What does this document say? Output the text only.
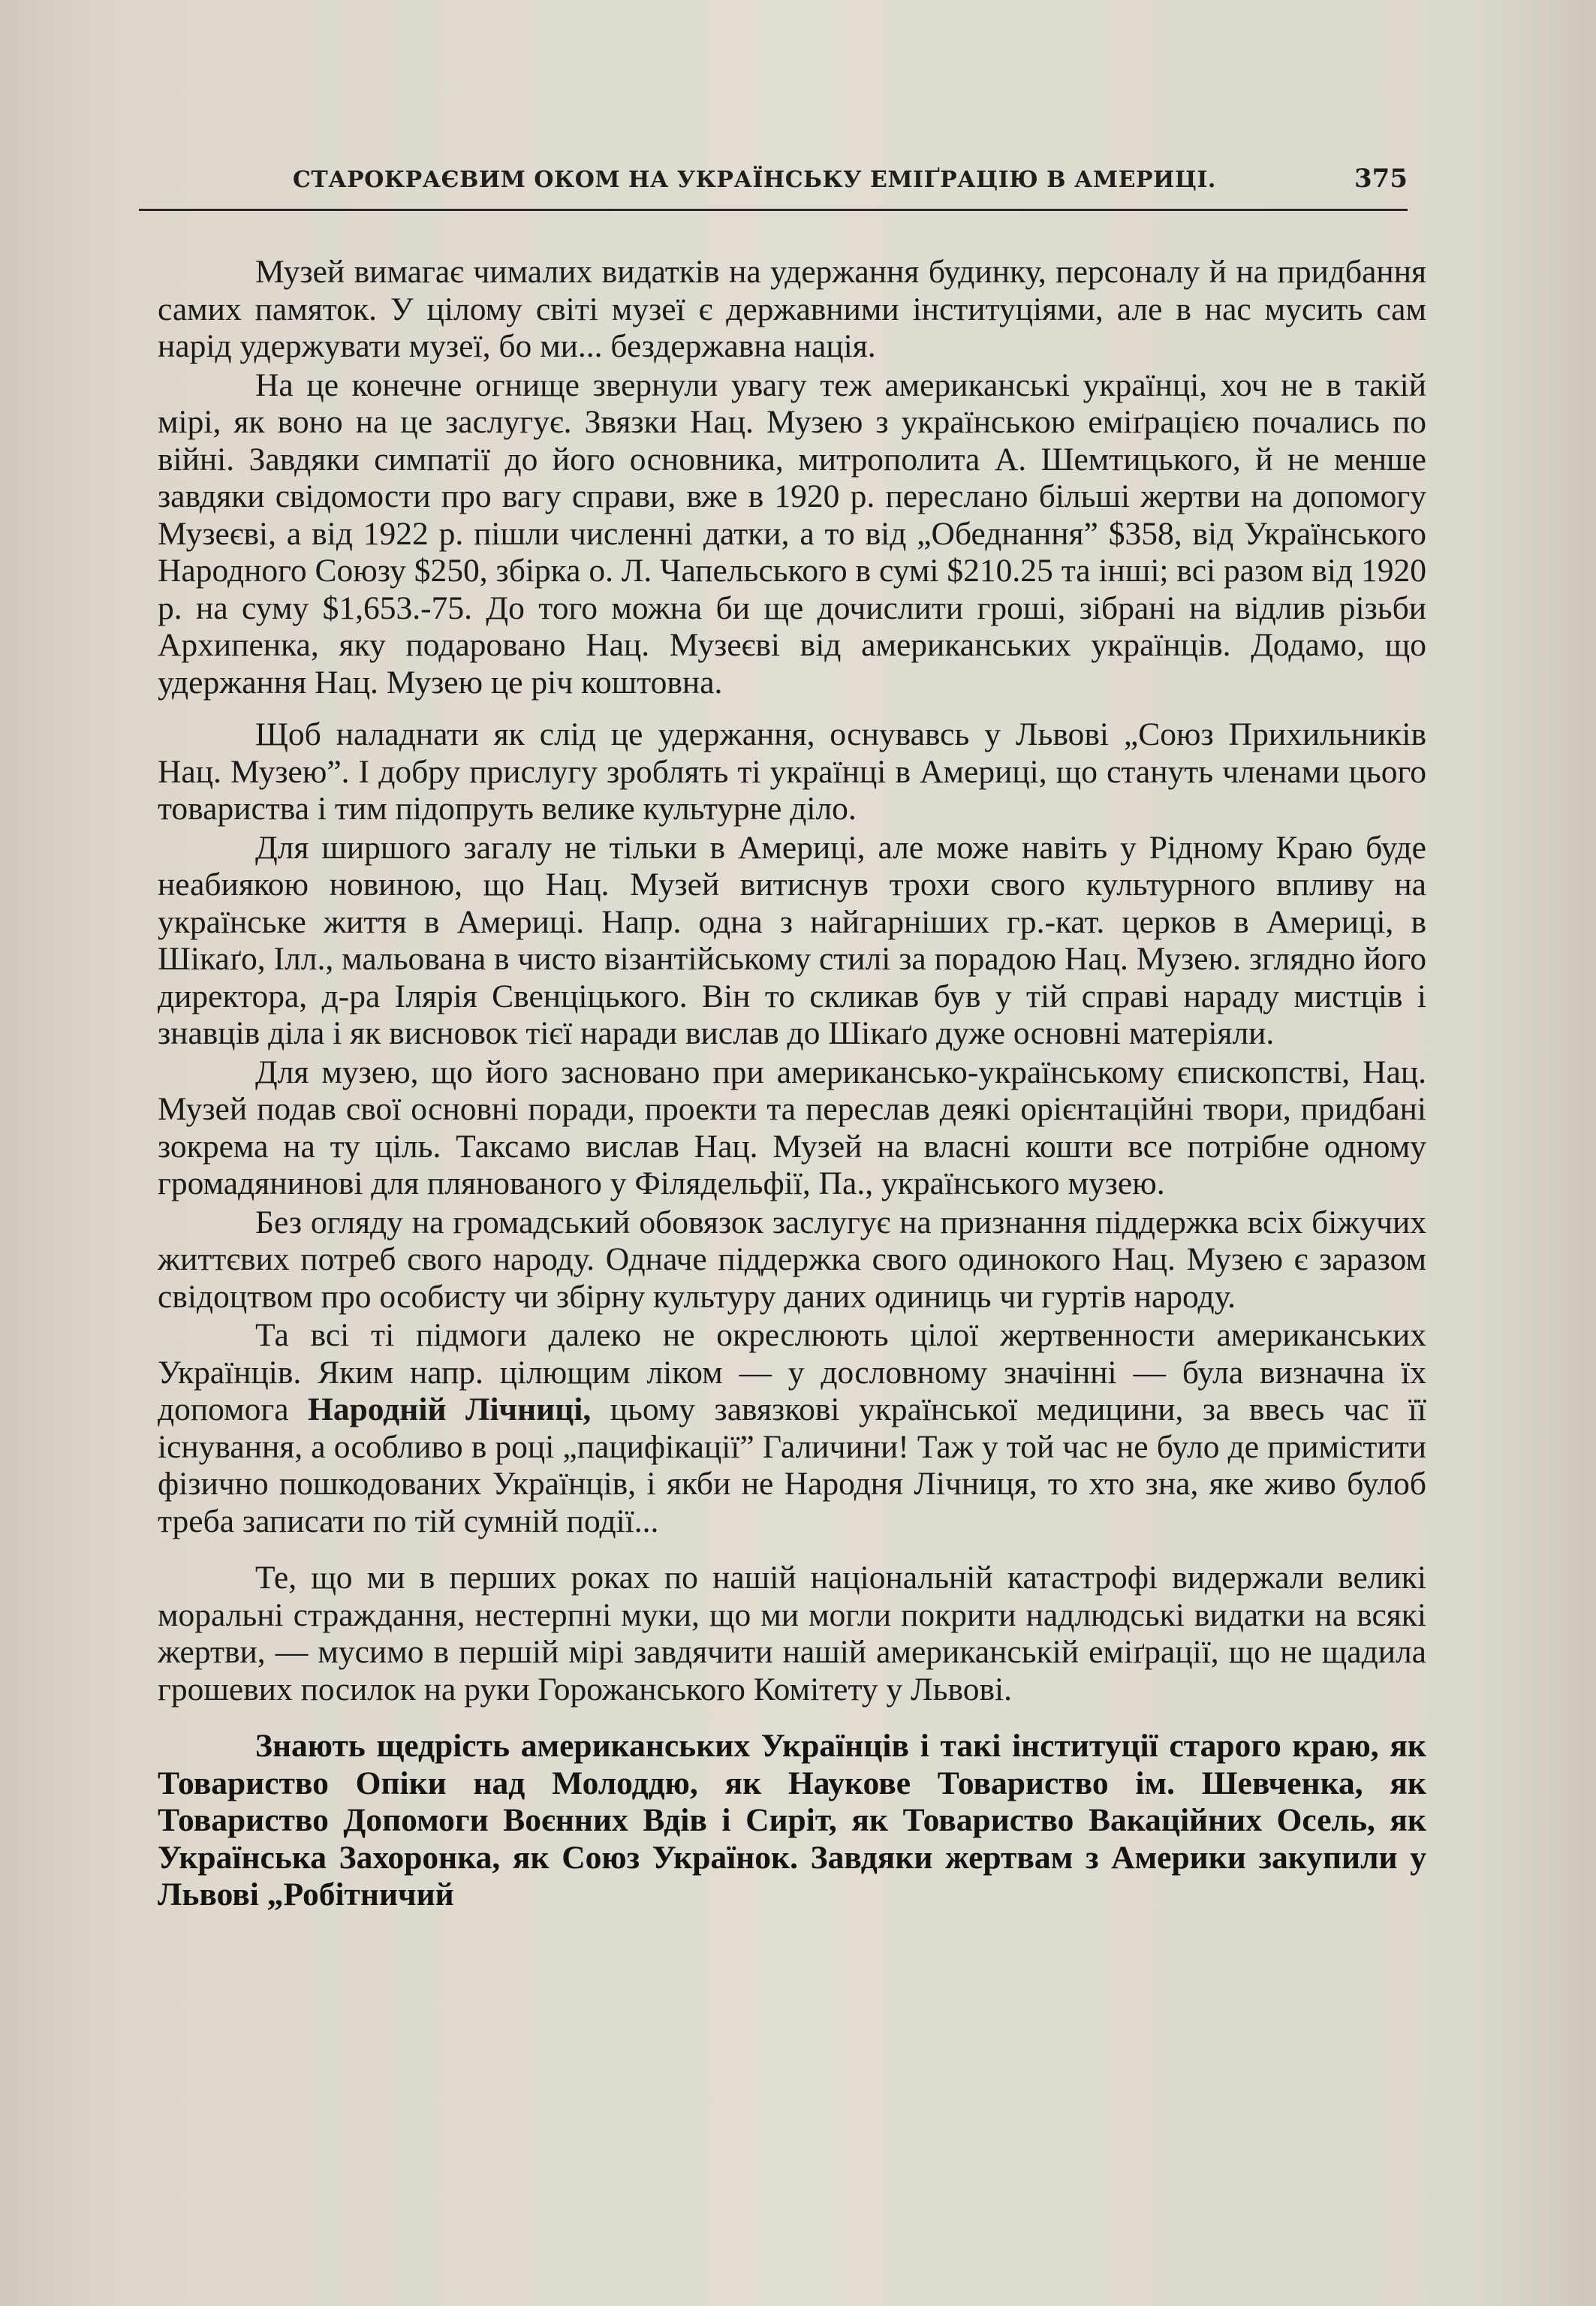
СТАРОКРАЄВИМ ОКОМ НА УКРАЇНСЬКУ ЕМІҐРАЦІЮ В АМЕРИЦІ.	375

Музей вимагає чималих видатків на удержання будинку, персоналу й на придбання самих памяток. У цілому світі музеї є державними інституціями, але в нас мусить сам нарід удержувати музеї, бо ми... бездержавна нація.

На це конечне огнище звернули увагу теж американські українці, хоч не в такій мірі, як воно на це заслугує. Звязки Нац. Музею з українською еміґрацією почались по війні. Завдяки симпатії до його основника, митрополита А. Шемтицького, й не менше завдяки свідомости про вагу справи, вже в 1920 р. переслано більші жертви на допомогу Музеєві, а від 1922 р. пішли численні датки, а то від „Обеднання” $358, від Українського Народного Союзу $250, збірка о. Л. Чапельського в сумі $210.25 та інші; всі разом від 1920 р. на суму $1,653.-75. До того можна би ще дочислити гроші, зібрані на відлив різьби Архипенка, яку подаровано Нац. Музеєві від американських українців. Додамо, що удержання Нац. Музею це річ коштовна.

Щоб наладнати як слід це удержання, оснувавсь у Львові „Союз Прихильників Нац. Музею”. І добру прислугу зроблять ті українці в Америці, що стануть членами цього товариства і тим підопруть велике культурне діло.

Для ширшого загалу не тільки в Америці, але може навіть у Рідному Краю буде неабиякою новиною, що Нац. Музей витиснув трохи свого культурного впливу на українське життя в Америці. Напр. одна з найгарніших гр.-кат. церков в Америці, в Шікаґо, Ілл., мальована в чисто візантійському стилі за порадою Нац. Музею. зглядно його директора, д-ра Ілярія Свенціцького. Він то скликав був у тій справі нараду мистців і знавців діла і як висновок тієї наради вислав до Шікаґо дуже основні матеріяли.

Для музею, що його засновано при американсько-українському єпископстві, Нац. Музей подав свої основні поради, проекти та переслав деякі орієнтаційні твори, придбані зокрема на ту ціль. Таксамо вислав Нац. Музей на власні кошти все потрібне одному громадянинові для плянованого у Філядельфії, Па., українського музею.

Без огляду на громадський обовязок заслугує на признання піддержка всіх біжучих життєвих потреб свого народу. Одначе піддержка свого одинокого Нац. Музею є заразом свідоцтвом про особисту чи збірну культуру даних одиниць чи гуртів народу.

Та всі ті підмоги далеко не окреслюють цілої жертвенности американських Українців. Яким напр. цілющим ліком — у дословному значінні — була визначна їх допомога Народній Лічниці, цьому завязкові української медицини, за ввесь час її існування, а особливо в році „пацифікації” Галичини! Таж у той час не було де примістити фізично пошкодованих Українців, і якби не Народня Лічниця, то хто зна, яке живо булоб треба записати по тій сумній події...

Те, що ми в перших роках по нашій національній катастрофі видержали великі моральні страждання, нестерпні муки, що ми могли покрити надлюдські видатки на всякі жертви, — мусимо в першій мірі завдячити нашій американській еміґрації, що не щадила грошевих посилок на руки Горожанського Комітету у Львові.

Знають щедрість американських Українців і такі інституції старого краю, як Товариство Опіки над Молоддю, як Наукове Товариство ім. Шевченка, як Товариство Допомоги Воєнних Вдів і Сиріт, як Товариство Вакаційних Осель, як Українська Захоронка, як Союз Українок. Завдяки жертвам з Америки закупили у Львові „Робітничий
